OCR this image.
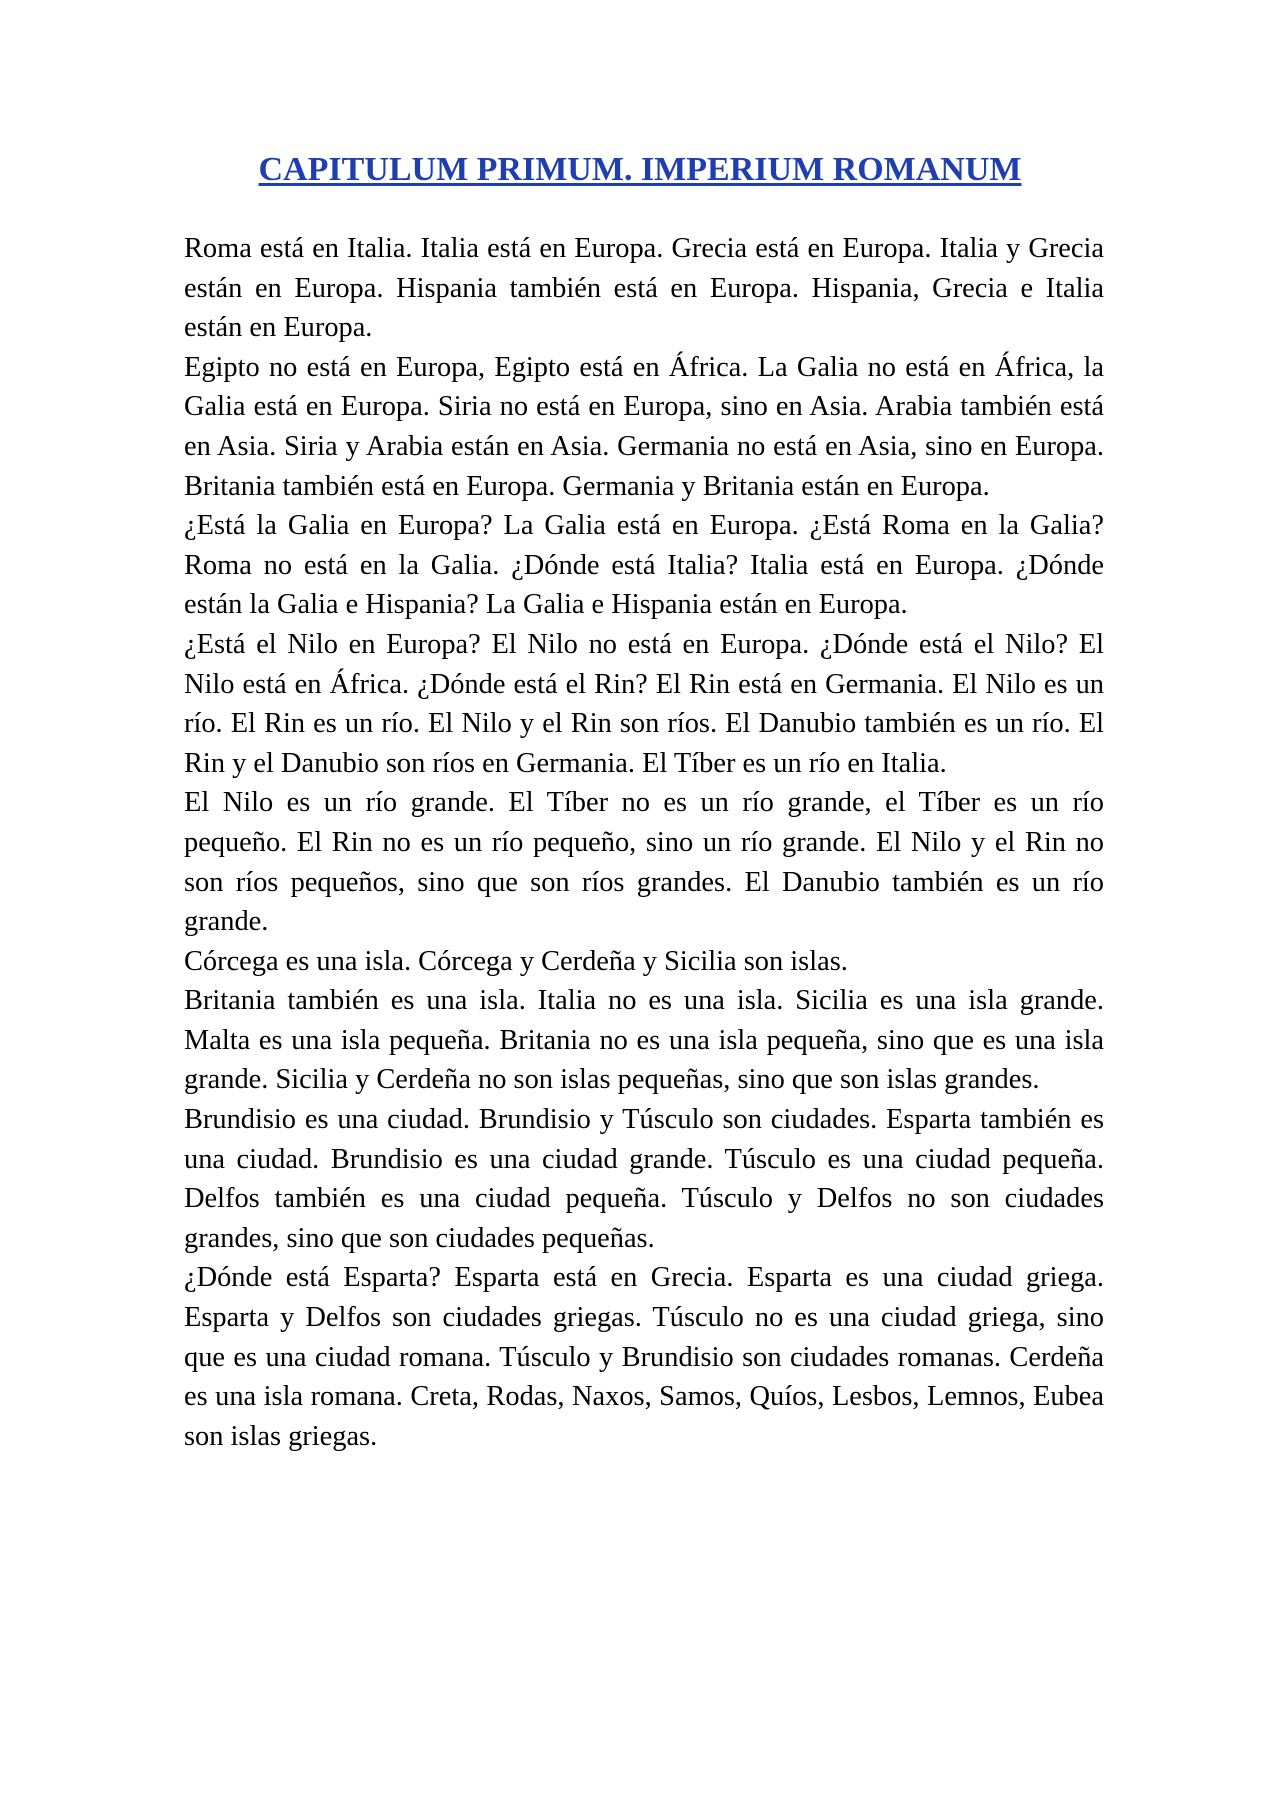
CAPITULUM PRIMUM. IMPERIUM ROMANUM

Roma está en Italia. Italia está en Europa. Grecia está en Europa. Italia y Grecia están en Europa. Hispania también está en Europa. Hispania, Grecia e Italia están en Europa.

Egipto no está en Europa, Egipto está en África. La Galia no está en África, la Galia está en Europa. Siria no está en Europa, sino en Asia. Arabia también está en Asia. Siria y Arabia están en Asia. Germania no está en Asia, sino en Europa. Britania también está en Europa. Germania y Britania están en Europa.

¿Está la Galia en Europa? La Galia está en Europa. ¿Está Roma en la Galia? Roma no está en la Galia. ¿Dónde está Italia? Italia está en Europa. ¿Dónde están la Galia e Hispania? La Galia e Hispania están en Europa.

¿Está el Nilo en Europa? El Nilo no está en Europa. ¿Dónde está el Nilo? El Nilo está en África. ¿Dónde está el Rin? El Rin está en Germania. El Nilo es un río. El Rin es un río. El Nilo y el Rin son ríos. El Danubio también es un río. El Rin y el Danubio son ríos en Germania. El Tíber es un río en Italia.

El Nilo es un río grande. El Tíber no es un río grande, el Tíber es un río pequeño. El Rin no es un río pequeño, sino un río grande. El Nilo y el Rin no son ríos pequeños, sino que son ríos grandes. El Danubio también es un río grande.

Córcega es una isla. Córcega y Cerdeña y Sicilia son islas.

Britania también es una isla. Italia no es una isla. Sicilia es una isla grande. Malta es una isla pequeña. Britania no es una isla pequeña, sino que es una isla grande. Sicilia y Cerdeña no son islas pequeñas, sino que son islas grandes.

Brundisio es una ciudad. Brundisio y Túsculo son ciudades. Esparta también es una ciudad. Brundisio es una ciudad grande. Túsculo es una ciudad pequeña. Delfos también es una ciudad pequeña. Túsculo y Delfos no son ciudades grandes, sino que son ciudades pequeñas.

¿Dónde está Esparta? Esparta está en Grecia. Esparta es una ciudad griega. Esparta y Delfos son ciudades griegas. Túsculo no es una ciudad griega, sino que es una ciudad romana. Túsculo y Brundisio son ciudades romanas. Cerdeña es una isla romana. Creta, Rodas, Naxos, Samos, Quíos, Lesbos, Lemnos, Eubea son islas griegas.
